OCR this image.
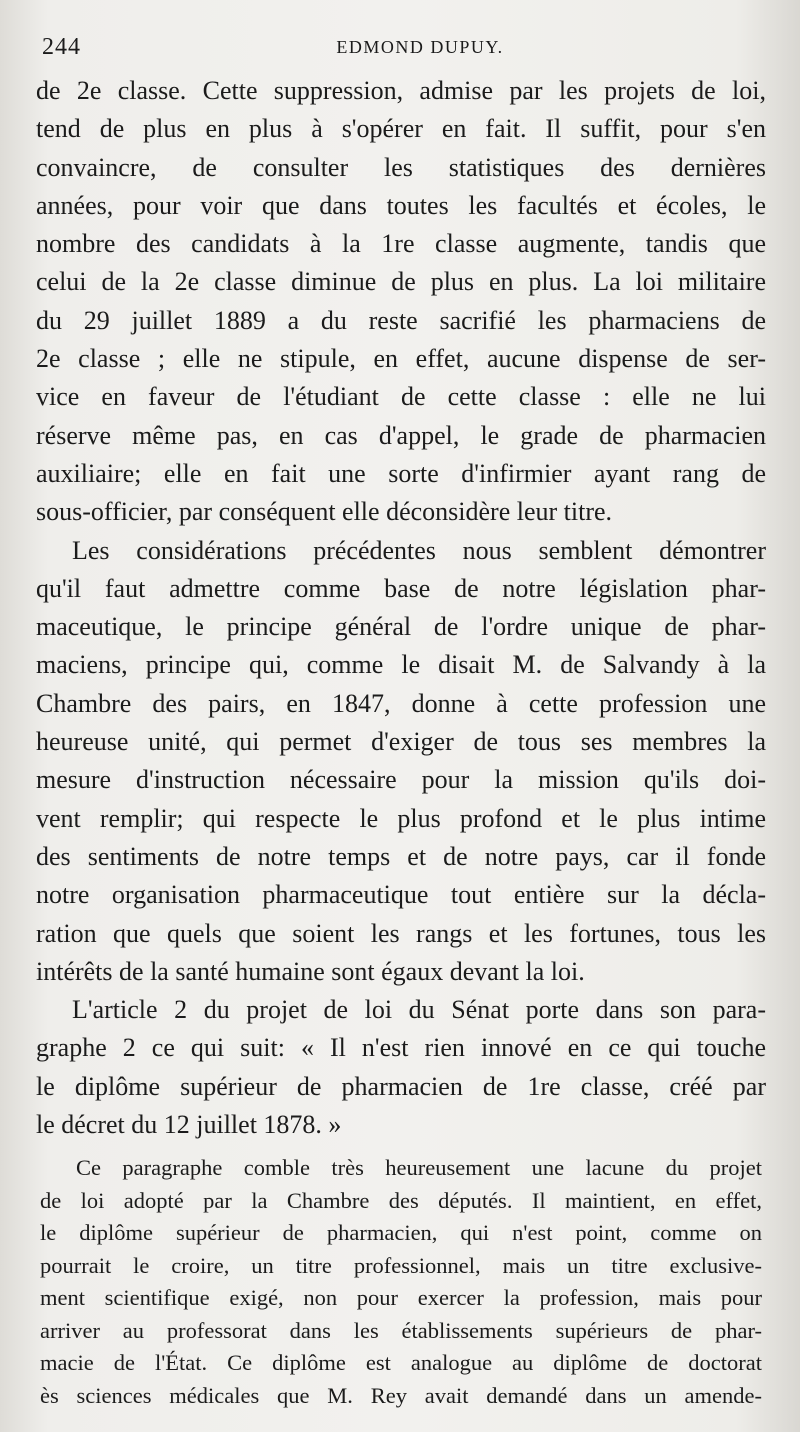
244	EDMOND DUPUY.

de 2e classe. Cette suppression, admise par les projets de loi,
tend de plus en plus à s'opérer en fait. Il suffit, pour s'en
convaincre, de consulter les statistiques des dernières
années, pour voir que dans toutes les facultés et écoles, le
nombre des candidats à la 1re classe augmente, tandis que
celui de la 2e classe diminue de plus en plus. La loi militaire
du 29 juillet 1889 a du reste sacrifié les pharmaciens de
2e classe ; elle ne stipule, en effet, aucune dispense de ser-
vice en faveur de l'étudiant de cette classe : elle ne lui
réserve même pas, en cas d'appel, le grade de pharmacien
auxiliaire; elle en fait une sorte d'infirmier ayant rang de
sous-officier, par conséquent elle déconsidère leur titre.

Les considérations précédentes nous semblent démontrer
qu'il faut admettre comme base de notre législation phar-
maceutique, le principe général de l'ordre unique de phar-
maciens, principe qui, comme le disait M. de Salvandy à la
Chambre des pairs, en 1847, donne à cette profession une
heureuse unité, qui permet d'exiger de tous ses membres la
mesure d'instruction nécessaire pour la mission qu'ils doi-
vent remplir; qui respecte le plus profond et le plus intime
des sentiments de notre temps et de notre pays, car il fonde
notre organisation pharmaceutique tout entière sur la décla-
ration que quels que soient les rangs et les fortunes, tous les
intérêts de la santé humaine sont égaux devant la loi.

L'article 2 du projet de loi du Sénat porte dans son para-
graphe 2 ce qui suit: « Il n'est rien innové en ce qui touche
le diplôme supérieur de pharmacien de 1re classe, créé par
le décret du 12 juillet 1878. »

Ce paragraphe comble très heureusement une lacune du projet
de loi adopté par la Chambre des députés. Il maintient, en effet,
le diplôme supérieur de pharmacien, qui n'est point, comme on
pourrait le croire, un titre professionnel, mais un titre exclusive-
ment scientifique exigé, non pour exercer la profession, mais pour
arriver au professorat dans les établissements supérieurs de phar-
macie de l'État. Ce diplôme est analogue au diplôme de doctorat
ès sciences médicales que M. Rey avait demandé dans un amende-
